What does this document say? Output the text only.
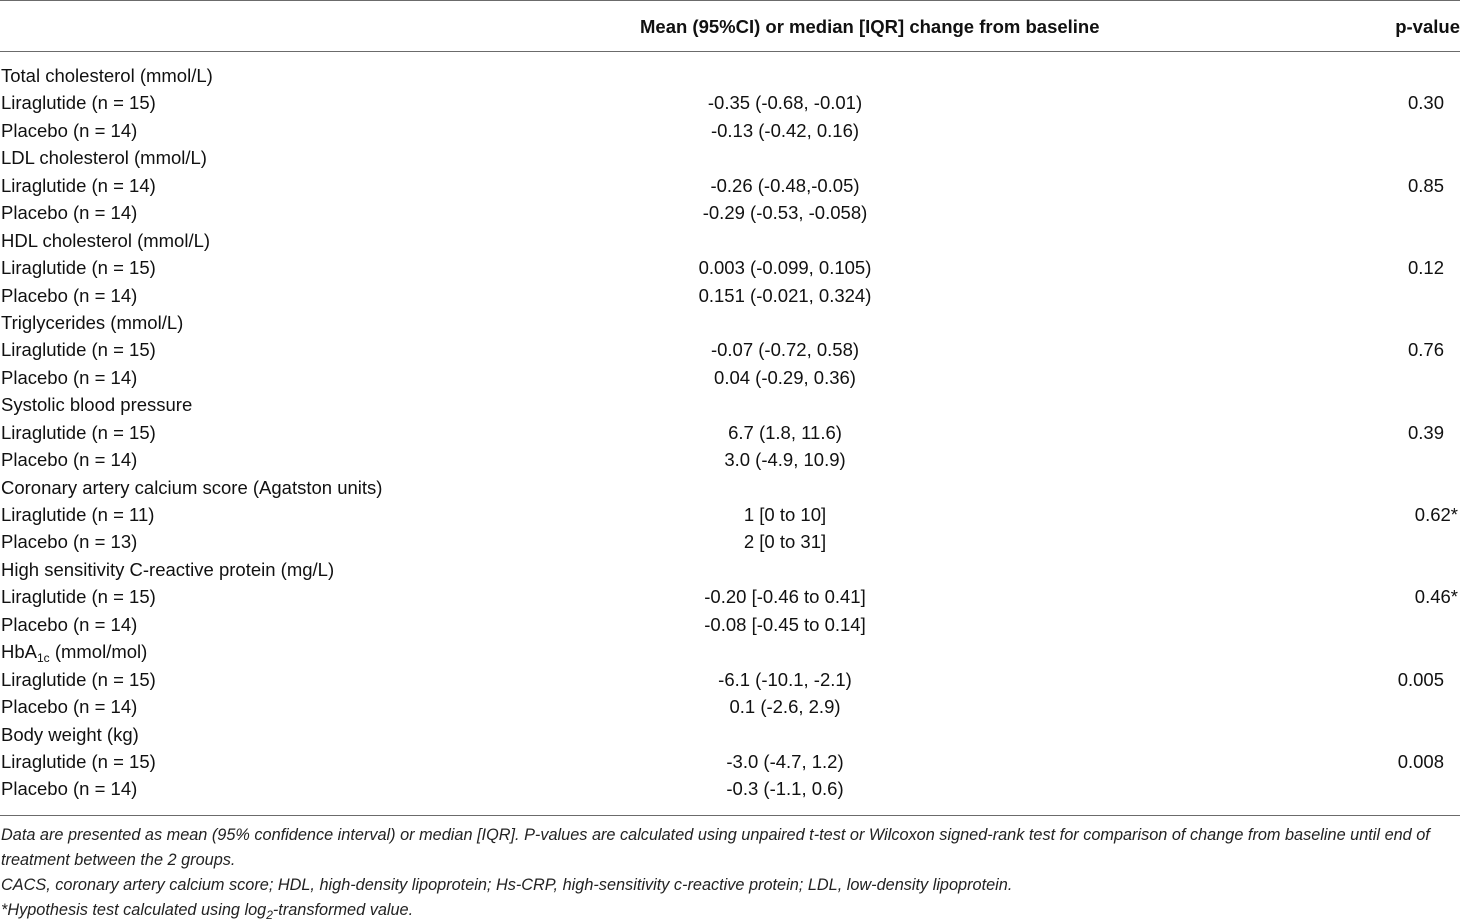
Mean (95%CI) or median [IQR] change from baseline	p-value
Total cholesterol (mmol/L)
Liraglutide (n = 15)	-0.35 (-0.68, -0.01)	0.30
Placebo (n = 14)	-0.13 (-0.42, 0.16)
LDL cholesterol (mmol/L)
Liraglutide (n = 14)	-0.26 (-0.48,-0.05)	0.85
Placebo (n = 14)	-0.29 (-0.53, -0.058)
HDL cholesterol (mmol/L)
Liraglutide (n = 15)	0.003 (-0.099, 0.105)	0.12
Placebo (n = 14)	0.151 (-0.021, 0.324)
Triglycerides (mmol/L)
Liraglutide (n = 15)	-0.07 (-0.72, 0.58)	0.76
Placebo (n = 14)	0.04 (-0.29, 0.36)
Systolic blood pressure
Liraglutide (n = 15)	6.7 (1.8, 11.6)	0.39
Placebo (n = 14)	3.0 (-4.9, 10.9)
Coronary artery calcium score (Agatston units)
Liraglutide (n = 11)	1 [0 to 10]	0.62*
Placebo (n = 13)	2 [0 to 31]
High sensitivity C-reactive protein (mg/L)
Liraglutide (n = 15)	-0.20 [-0.46 to 0.41]	0.46*
Placebo (n = 14)	-0.08 [-0.45 to 0.14]
HbA$_{1c}$ (mmol/mol)
Liraglutide (n = 15)	-6.1 (-10.1, -2.1)	0.005
Placebo (n = 14)	0.1 (-2.6, 2.9)
Body weight (kg)
Liraglutide (n = 15)	-3.0 (-4.7, 1.2)	0.008
Placebo (n = 14)	-0.3 (-1.1, 0.6)

Data are presented as mean (95% confidence interval) or median [IQR]. P-values are calculated using unpaired t-test or Wilcoxon signed-rank test for comparison of change from baseline until end of treatment between the 2 groups.

CACS, coronary artery calcium score; HDL, high-density lipoprotein; Hs-CRP, high-sensitivity c-reactive protein; LDL, low-density lipoprotein.

*Hypothesis test calculated using $\log_2$-transformed value.
